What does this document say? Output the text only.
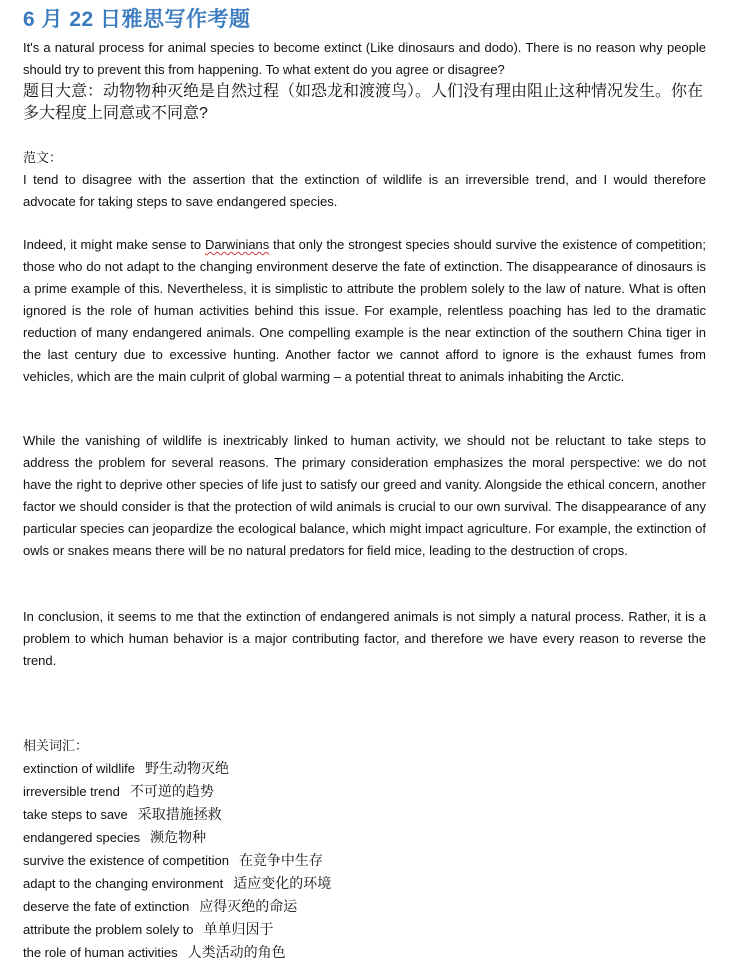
6 月 22 日雅思写作考题

It's a natural process for animal species to become extinct (Like dinosaurs and dodo). There is no reason why people should try to prevent this from happening. To what extent do you agree or disagree?

题目大意：动物物种灭绝是自然过程（如恐龙和渡渡鸟）。人们没有理由阻止这种情况发生。你在多大程度上同意或不同意?

范文：

I tend to disagree with the assertion that the extinction of wildlife is an irreversible trend, and I would therefore advocate for taking steps to save endangered species.

Indeed, it might make sense to Darwinians that only the strongest species should survive the existence of competition; those who do not adapt to the changing environment deserve the fate of extinction. The disappearance of dinosaurs is a prime example of this. Nevertheless, it is simplistic to attribute the problem solely to the law of nature. What is often ignored is the role of human activities behind this issue. For example, relentless poaching has led to the dramatic reduction of many endangered animals. One compelling example is the near extinction of the southern China tiger in the last century due to excessive hunting. Another factor we cannot afford to ignore is the exhaust fumes from vehicles, which are the main culprit of global warming – a potential threat to animals inhabiting the Arctic.

While the vanishing of wildlife is inextricably linked to human activity, we should not be reluctant to take steps to address the problem for several reasons. The primary consideration emphasizes the moral perspective: we do not have the right to deprive other species of life just to satisfy our greed and vanity. Alongside the ethical concern, another factor we should consider is that the protection of wild animals is crucial to our own survival. The disappearance of any particular species can jeopardize the ecological balance, which might impact agriculture. For example, the extinction of owls or snakes means there will be no natural predators for field mice, leading to the destruction of crops.

In conclusion, it seems to me that the extinction of endangered animals is not simply a natural process. Rather, it is a problem to which human behavior is a major contributing factor, and therefore we have every reason to reverse the trend.

相关词汇：

extinction of wildlife 野生动物灭绝
irreversible trend 不可逆的趋势
take steps to save 采取措施拯救
endangered species 濒危物种
survive the existence of competition 在竞争中生存
adapt to the changing environment 适应变化的环境
deserve the fate of extinction 应得灭绝的命运
attribute the problem solely to 单单归因于
the role of human activities 人类活动的角色
